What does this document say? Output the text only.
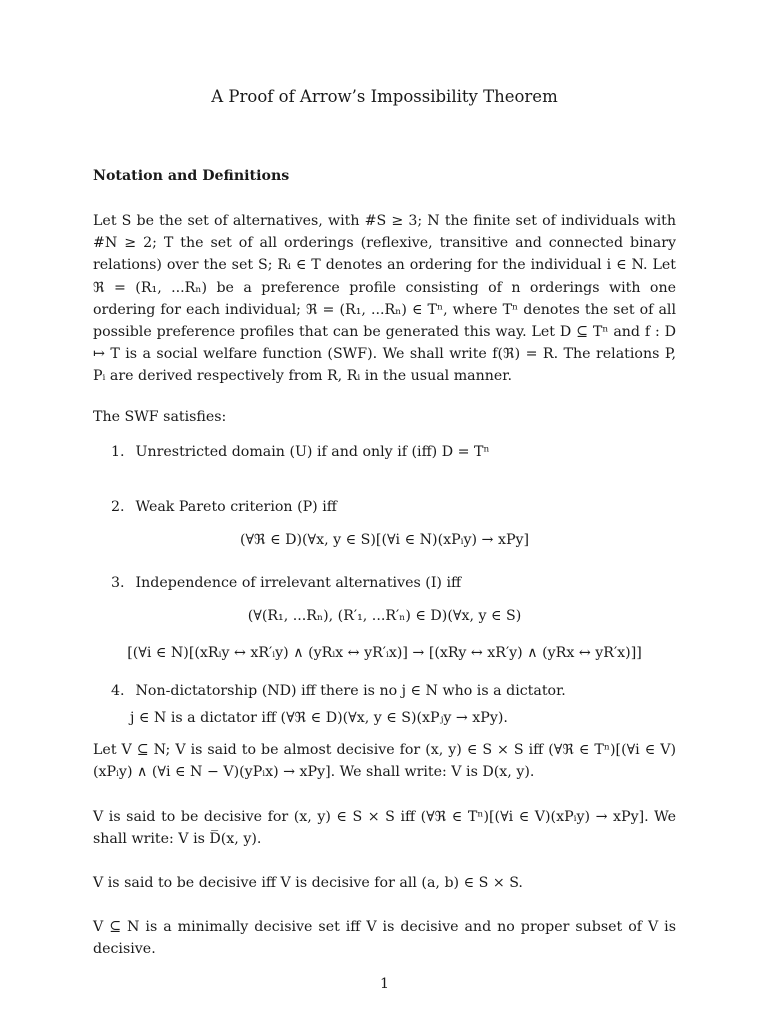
A Proof of Arrow’s Impossibility Theorem
Notation and Definitions

Let S be the set of alternatives, with #S ≥ 3; N the finite set of individuals with #N ≥ 2; T the set of all orderings (reflexive, transitive and connected binary relations) over the set S; Rᵢ ∈ T denotes an ordering for the individual i ∈ N. Let ℜ = (R₁, ...Rₙ) be a preference profile consisting of n orderings with one ordering for each individual; ℜ = (R₁, ...Rₙ) ∈ Tⁿ, where Tⁿ denotes the set of all possible preference profiles that can be generated this way. Let D ⊆ Tⁿ and f : D ↦ T is a social welfare function (SWF). We shall write f(ℜ) = R. The relations P, Pᵢ are derived respectively from R, Rᵢ in the usual manner.

The SWF satisfies:

1. Unrestricted domain (U) if and only if (iff) D = Tⁿ

2. Weak Pareto criterion (P) iff

(∀ℜ ∈ D)(∀x, y ∈ S)[(∀i ∈ N)(xPᵢy) → xPy]

3. Independence of irrelevant alternatives (I) iff

(∀(R₁, ...Rₙ), (R′₁, ...R′ₙ) ∈ D)(∀x, y ∈ S)

[(∀i ∈ N)[(xRᵢy ↔ xR′ᵢy) ∧ (yRᵢx ↔ yR′ᵢx)] → [(xRy ↔ xR′y) ∧ (yRx ↔ yR′x)]]

4. Non-dictatorship (ND) iff there is no j ∈ N who is a dictator.

j ∈ N is a dictator iff (∀ℜ ∈ D)(∀x, y ∈ S)(xPⱼy → xPy).

Let V ⊆ N; V is said to be almost decisive for (x, y) ∈ S × S iff (∀ℜ ∈ Tⁿ)[(∀i ∈ V)(xPᵢy) ∧ (∀i ∈ N − V)(yPᵢx) → xPy]. We shall write: V is D(x, y).

V is said to be decisive for (x, y) ∈ S × S iff (∀ℜ ∈ Tⁿ)[(∀i ∈ V)(xPᵢy) → xPy]. We shall write: V is D̅(x, y).

V is said to be decisive iff V is decisive for all (a, b) ∈ S × S.

V ⊆ N is a minimally decisive set iff V is decisive and no proper subset of V is decisive.

1
